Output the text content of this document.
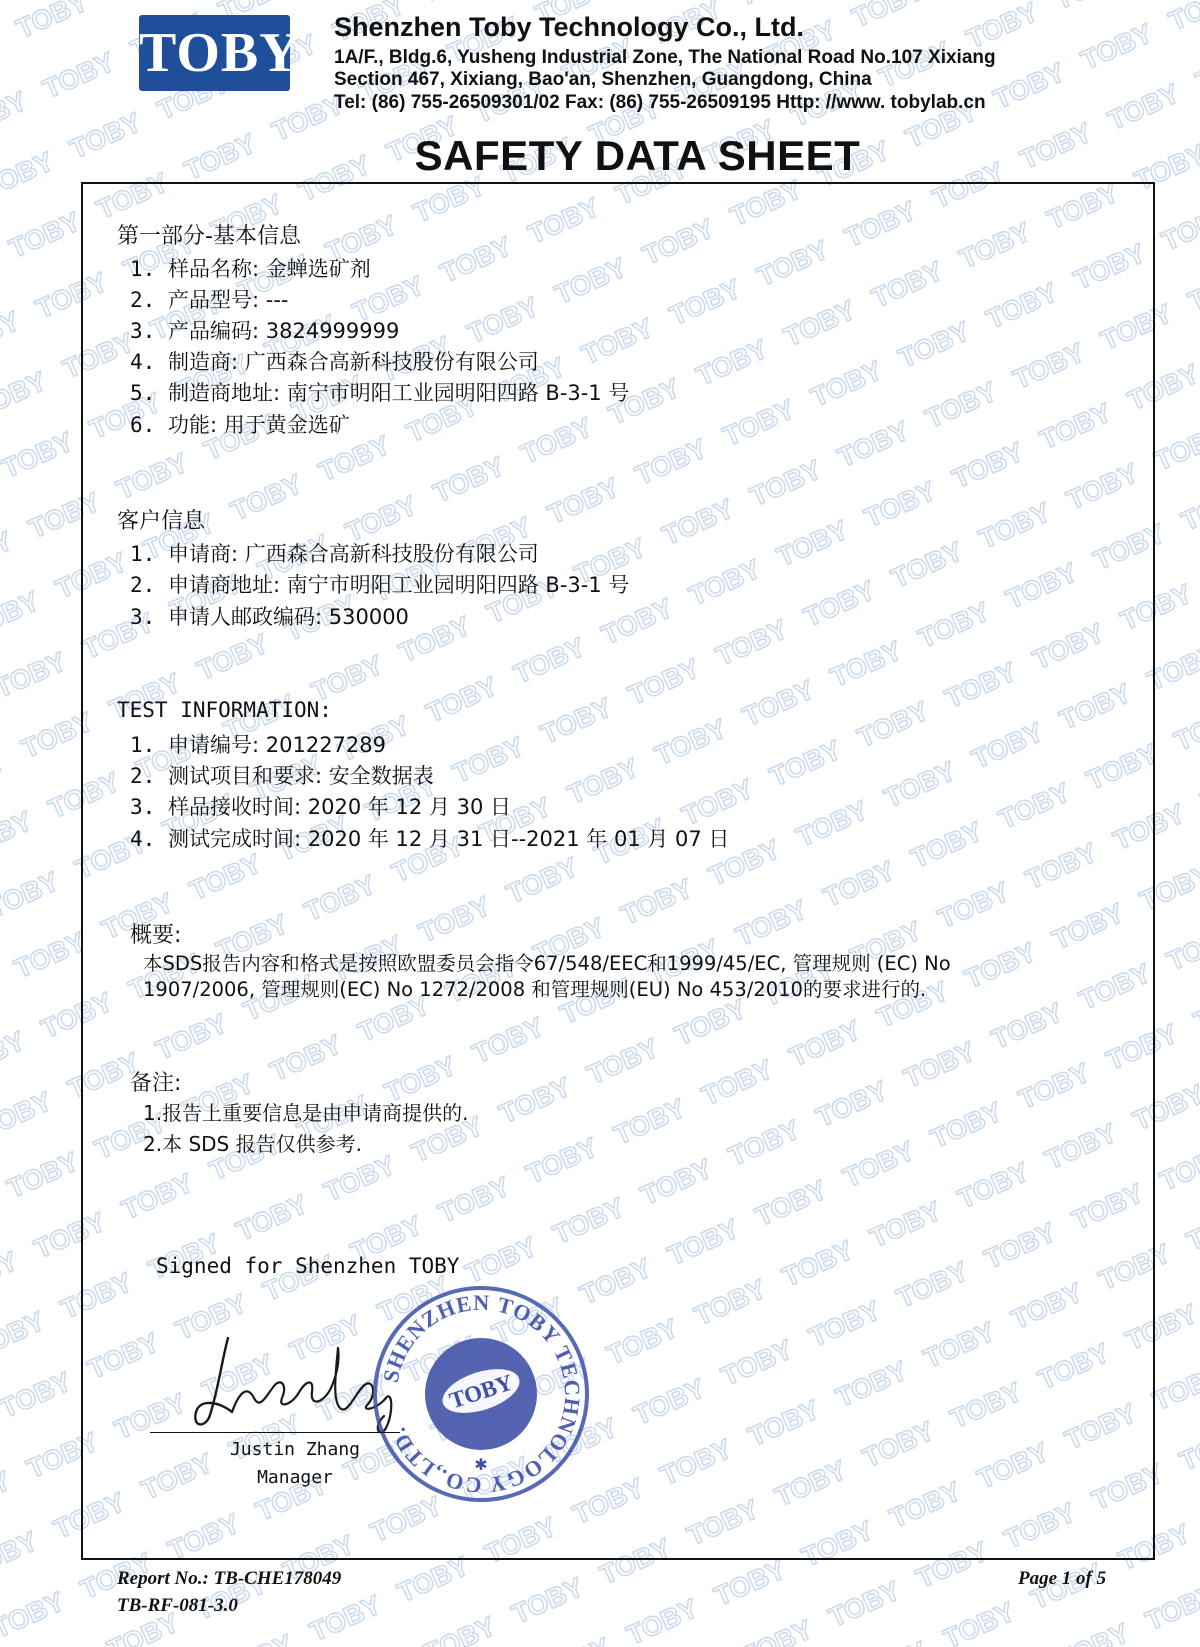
TOBY Shenzhen Toby Technology Co., Ltd.
1A/F., Bldg.6, Yusheng Industrial Zone, The National Road No.107 Xixiang
Section 467, Xixiang, Bao'an, Shenzhen, Guangdong, China
Tel: (86) 755-26509301/02 Fax: (86) 755-26509195 Http: //www. tobylab.cn
SAFETY DATA SHEET
第一部分-基本信息
1. 样品名称: 金蝉选矿剂
2. 产品型号: ---
3. 产品编码: 3824999999
4. 制造商: 广西森合高新科技股份有限公司
5. 制造商地址: 南宁市明阳工业园明阳四路 B-3-1 号
6. 功能: 用于黄金选矿
客户信息
1. 申请商: 广西森合高新科技股份有限公司
2. 申请商地址: 南宁市明阳工业园明阳四路 B-3-1 号
3. 申请人邮政编码: 530000
TEST INFORMATION:
1. 申请编号: 201227289
2. 测试项目和要求: 安全数据表
3. 样品接收时间: 2020 年 12 月 30 日
4. 测试完成时间: 2020 年 12 月 31 日--2021 年 01 月 07 日
概要:
本SDS报告内容和格式是按照欧盟委员会指令67/548/EEC和1999/45/EC, 管理规则 (EC) No
1907/2006, 管理规则(EC) No 1272/2008 和管理规则(EU) No 453/2010的要求进行的.
备注:
1.报告上重要信息是由申请商提供的.
2.本 SDS 报告仅供参考.
Signed for Shenzhen TOBY
TOBY
SHENZHEN TOBY TECHNOLOGY CO.,LTD.
✱
Justin Zhang
Manager
Report No.: TB-CHE178049
TB-RF-081-3.0
Page 1 of 5
